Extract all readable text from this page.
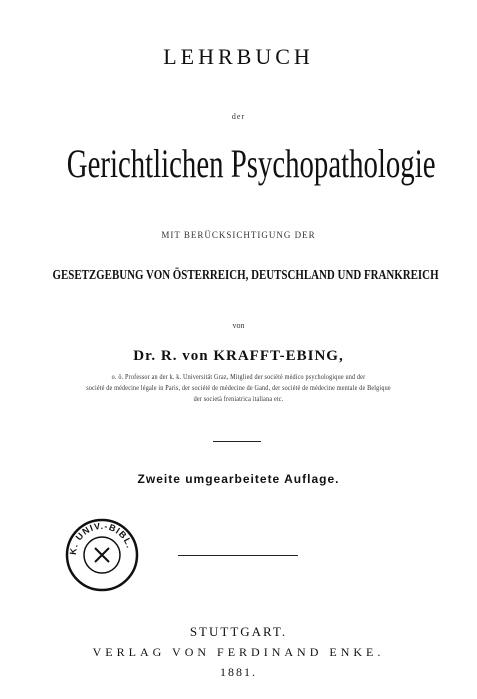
LEHRBUCH
der
Gerichtlichen Psychopathologie
MIT BERÜCKSICHTIGUNG DER
GESETZGEBUNG VON ÖSTERREICH, DEUTSCHLAND UND FRANKREICH
von
Dr. R. von KRAFFT-EBING,
o. ö. Professor an der k. k. Universität Graz, Mitglied der société médico psychologique und der
société de médecine légale in Paris, der société de médecine de Gand, der société de médecine mentale de Belgique
der società freniatrica italiana etc.
Zweite umgearbeitete Auflage.
K. UNIV.-BIBL.
STUTTGART.
VERLAG VON FERDINAND ENKE.
1881.
